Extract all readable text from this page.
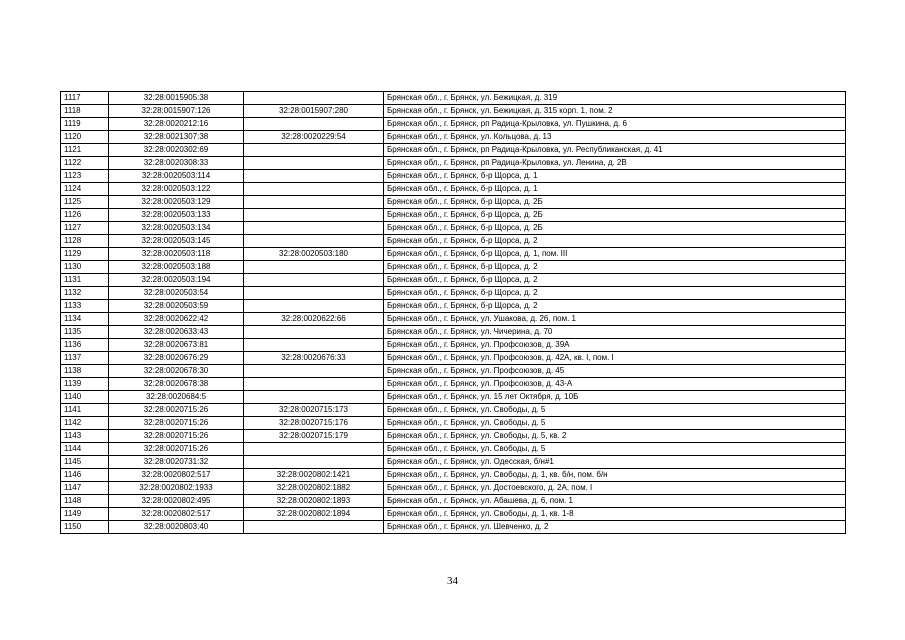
1117	32:28:0015905:38		Брянская обл., г. Брянск, ул. Бежицкая, д. 319
1118	32:28:0015907:126	32:28:0015907:280	Брянская обл., г. Брянск, ул. Бежицкая, д. 315 корп. 1, пом. 2
1119	32:28:0020212:16		Брянская обл., г. Брянск, рп Радица-Крыловка, ул. Пушкина, д. 6
1120	32:28:0021307:38	32:28:0020229:54	Брянская обл., г. Брянск, ул. Кольцова, д. 13
1121	32:28:0020302:69		Брянская обл., г. Брянск, рп Радица-Крыловка, ул. Республиканская, д. 41
1122	32:28:0020308:33		Брянская обл., г. Брянск, рп Радица-Крыловка, ул. Ленина, д. 2В
1123	32:28:0020503:114		Брянская обл., г. Брянск, б-р Щорса, д. 1
1124	32:28:0020503:122		Брянская обл., г. Брянск, б-р Щорса, д. 1
1125	32:28:0020503:129		Брянская обл., г. Брянск, б-р Щорса, д. 2Б
1126	32:28:0020503:133		Брянская обл., г. Брянск, б-р Щорса, д. 2Б
1127	32:28:0020503:134		Брянская обл., г. Брянск, б-р Щорса, д. 2Б
1128	32:28:0020503:145		Брянская обл., г. Брянск, б-р Щорса, д. 2
1129	32:28:0020503:118	32:28:0020503:180	Брянская обл., г. Брянск, б-р Щорса, д. 1, пом. III
1130	32:28:0020503:188		Брянская обл., г. Брянск, б-р Щорса, д. 2
1131	32:28:0020503:194		Брянская обл., г. Брянск, б-р Щорса, д. 2
1132	32:28:0020503:54		Брянская обл., г. Брянск, б-р Щорса, д. 2
1133	32:28:0020503:59		Брянская обл., г. Брянск, б-р Щорса, д. 2
1134	32:28:0020622:42	32:28:0020622:66	Брянская обл., г. Брянск, ул. Ушакова, д. 26, пом. 1
1135	32:28:0020633:43		Брянская обл., г. Брянск, ул. Чичерина, д. 70
1136	32:28:0020673:81		Брянская обл., г. Брянск, ул. Профсоюзов, д. 39А
1137	32:28:0020676:29	32:28:0020676:33	Брянская обл., г. Брянск, ул. Профсоюзов, д. 42А, кв. I, пом. I
1138	32:28:0020678:30		Брянская обл., г. Брянск, ул. Профсоюзов, д. 45
1139	32:28:0020678:38		Брянская обл., г. Брянск, ул. Профсоюзов, д. 43-А
1140	32:28:0020684:5		Брянская обл., г. Брянск, ул. 15 лет Октября, д. 10Б
1141	32:28:0020715:26	32:28:0020715:173	Брянская обл., г. Брянск, ул. Свободы, д. 5
1142	32:28:0020715:26	32:28:0020715:176	Брянская обл., г. Брянск, ул. Свободы, д. 5
1143	32:28:0020715:26	32:28:0020715:179	Брянская обл., г. Брянск, ул. Свободы, д. 5, кв. 2
1144	32:28:0020715:26		Брянская обл., г. Брянск, ул. Свободы, д. 5
1145	32:28:0020731:32		Брянская обл., г. Брянск, ул. Одесская, б/н#1
1146	32:28:0020802:517	32:28:0020802:1421	Брянская обл., г. Брянск, ул. Свободы, д. 1, кв. б/н, пом. б/н
1147	32:28:0020802:1933	32:28:0020802:1882	Брянская обл., г. Брянск, ул. Достоевского, д. 2А, пом. I
1148	32:28:0020802:495	32:28:0020802:1893	Брянская обл., г. Брянск, ул. Абашева, д. 6, пом. 1
1149	32:28:0020802:517	32:28:0020802:1894	Брянская обл., г. Брянск, ул. Свободы, д. 1, кв. 1-8
1150	32:28:0020803:40		Брянская обл., г. Брянск, ул. Шевченко, д. 2
34
